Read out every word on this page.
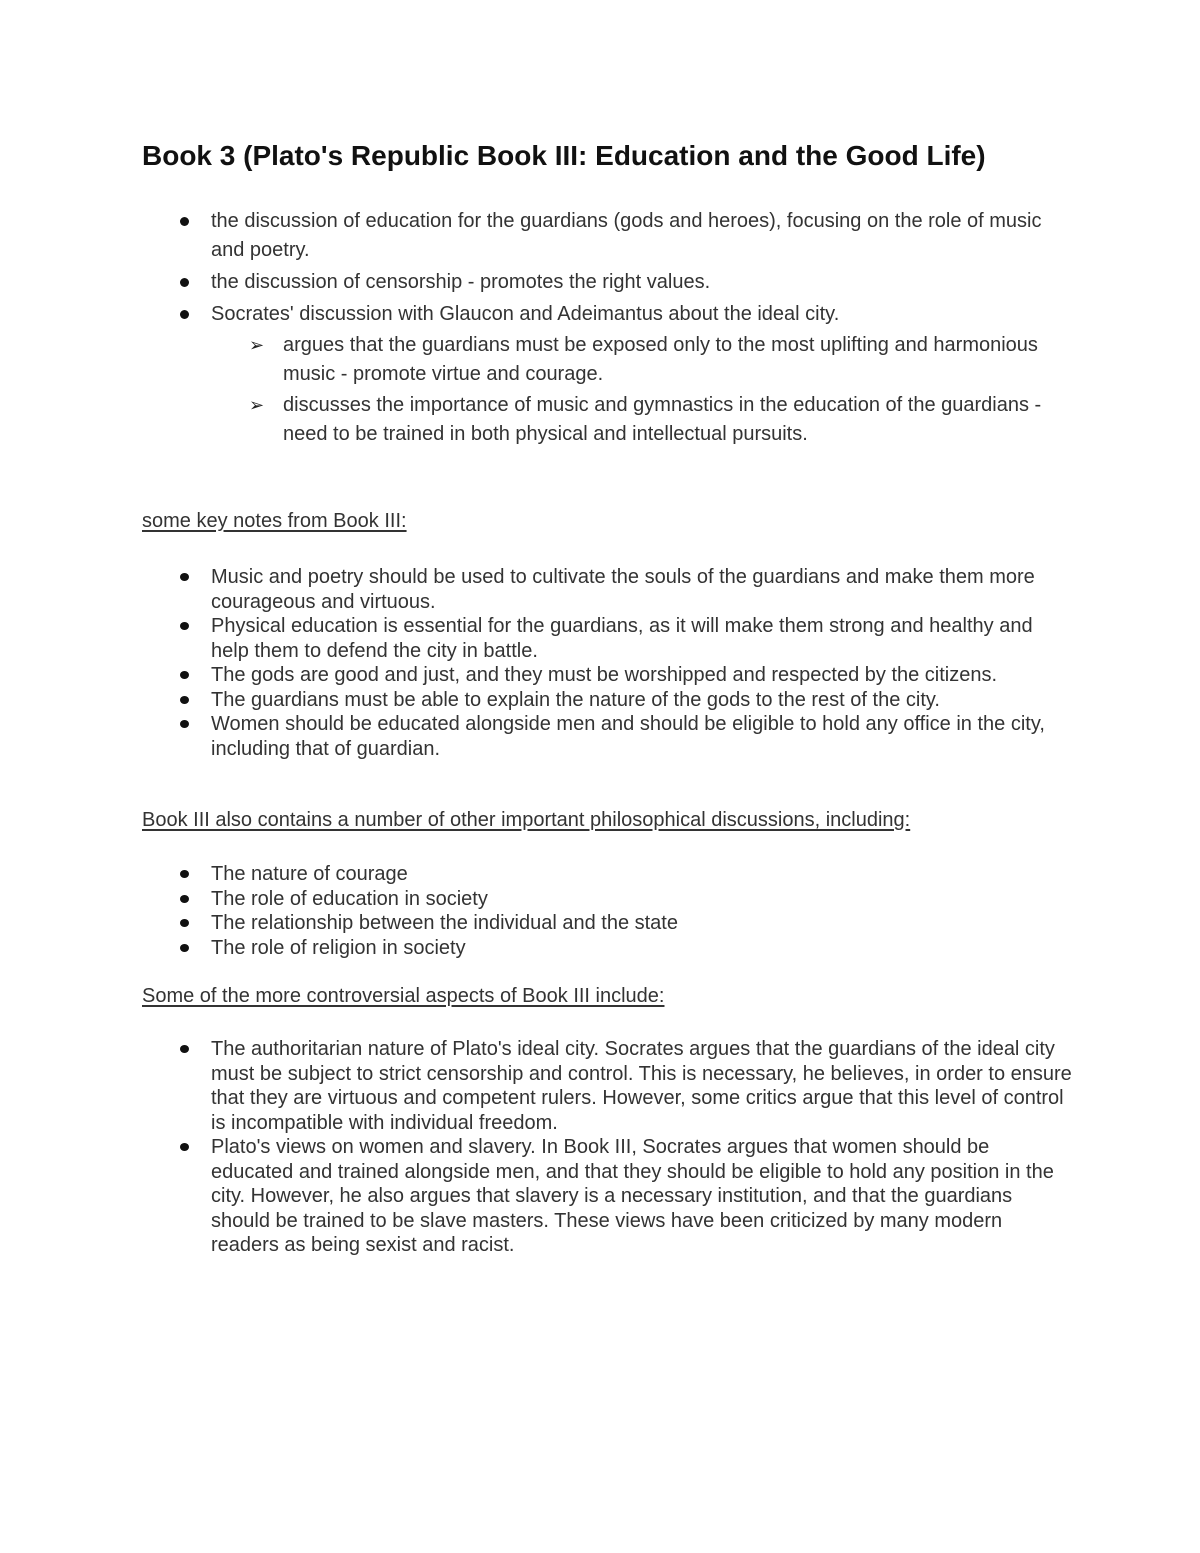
Book 3 (Plato's Republic Book III: Education and the Good Life)
the discussion of education for the guardians (gods and heroes), focusing on the role of music and poetry.
the discussion of censorship - promotes the right values.
Socrates' discussion with Glaucon and Adeimantus about the ideal city.
➢ argues that the guardians must be exposed only to the most uplifting and harmonious music - promote virtue and courage.
➢ discusses the importance of music and gymnastics in the education of the guardians - need to be trained in both physical and intellectual pursuits.

some key notes from Book III:

Music and poetry should be used to cultivate the souls of the guardians and make them more courageous and virtuous.
Physical education is essential for the guardians, as it will make them strong and healthy and help them to defend the city in battle.
The gods are good and just, and they must be worshipped and respected by the citizens.
The guardians must be able to explain the nature of the gods to the rest of the city.
Women should be educated alongside men and should be eligible to hold any office in the city, including that of guardian.

Book III also contains a number of other important philosophical discussions, including:

The nature of courage
The role of education in society
The relationship between the individual and the state
The role of religion in society

Some of the more controversial aspects of Book III include:

The authoritarian nature of Plato's ideal city. Socrates argues that the guardians of the ideal city must be subject to strict censorship and control. This is necessary, he believes, in order to ensure that they are virtuous and competent rulers. However, some critics argue that this level of control is incompatible with individual freedom.
Plato's views on women and slavery. In Book III, Socrates argues that women should be educated and trained alongside men, and that they should be eligible to hold any position in the city. However, he also argues that slavery is a necessary institution, and that the guardians should be trained to be slave masters. These views have been criticized by many modern readers as being sexist and racist.
